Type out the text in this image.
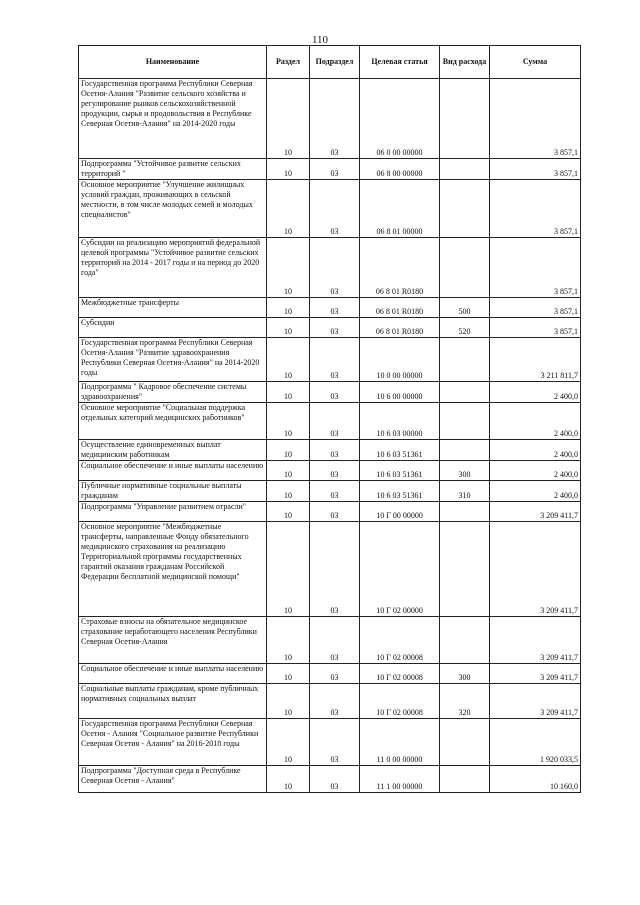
110
Наименование	Раздел	Подраздел	Целевая статья	Вид расхода	Сумма
Государственная программа Республики Северная Осетия-Алания "Развитие сельского хозяйства и регулирование рынков сельскохозяйственной продукции, сырья и продовольствия в Республике Северная Осетия-Алания" на 2014-2020 годы	10	03	06 0 00 00000		3 857,1
Подпрограмма "Устойчивое развитие сельских территорий "	10	03	06 8 00 00000		3 857,1
Основное мероприятие "Улучшение жилищных условий граждан, проживающих в сельской местности, в том числе молодых семей и молодых специалистов"	10	03	06 8 01 00000		3 857,1
Субсидии на реализацию мероприятий федеральной целевой программы "Устойчивое развитие сельских территорий на 2014 - 2017 годы и на период до 2020 года"	10	03	06 8 01 R0180		3 857,1
Межбюджетные трансферты	10	03	06 8 01 R0180	500	3 857,1
Субсидии	10	03	06 8 01 R0180	520	3 857,1
Государственная программа Республики Северная Осетия-Алания "Развитие здравоохранения Республики Северная Осетия-Алания" на 2014-2020 годы	10	03	10 0 00 00000		3 211 811,7
Подпрограмма " Кадровое обеспечение системы здравоохранения"	10	03	10 6 00 00000		2 400,0
Основное мероприятие "Социальная поддержка отдельных категорий медицинских работников"	10	03	10 6 03 00000		2 400,0
Осуществление единовременных выплат медицинским работникам	10	03	10 6 03 51361		2 400,0
Социальное обеспечение и иные выплаты населению	10	03	10 6 03 51361	300	2 400,0
Публичные нормативные социальные выплаты гражданам	10	03	10 6 03 51361	310	2 400,0
Подпрограмма "Управление развитием отрасли"	10	03	10 Г 00 00000		3 209 411,7
Основное мероприятие "Межбюджетные трансферты, направленные Фонду обязательного медицинского страхования на реализацию Территориальной программы государственных гарантий оказания гражданам Российской Федерации бесплатной медицинской помощи"	10	03	10 Г 02 00000		3 209 411,7
Страховые взносы на обязательное медицинское страхование неработающего населения Республики Северная Осетия-Алания	10	03	10 Г 02 00008		3 209 411,7
Социальное обеспечение и иные выплаты населению	10	03	10 Г 02 00008	300	3 209 411,7
Социальные выплаты гражданам, кроме публичных нормативных социальных выплат	10	03	10 Г 02 00008	320	3 209 411,7
Государственная программа Республики Северная Осетия - Алания "Социальное развитие Республики Северная Осетия - Алания" на 2016-2018 годы	10	03	11 0 00 00000		1 920 033,5
Подпрограмма "Доступная среда в Республике Северная Осетия - Алания"	10	03	11 1 00 00000		10 160,0
